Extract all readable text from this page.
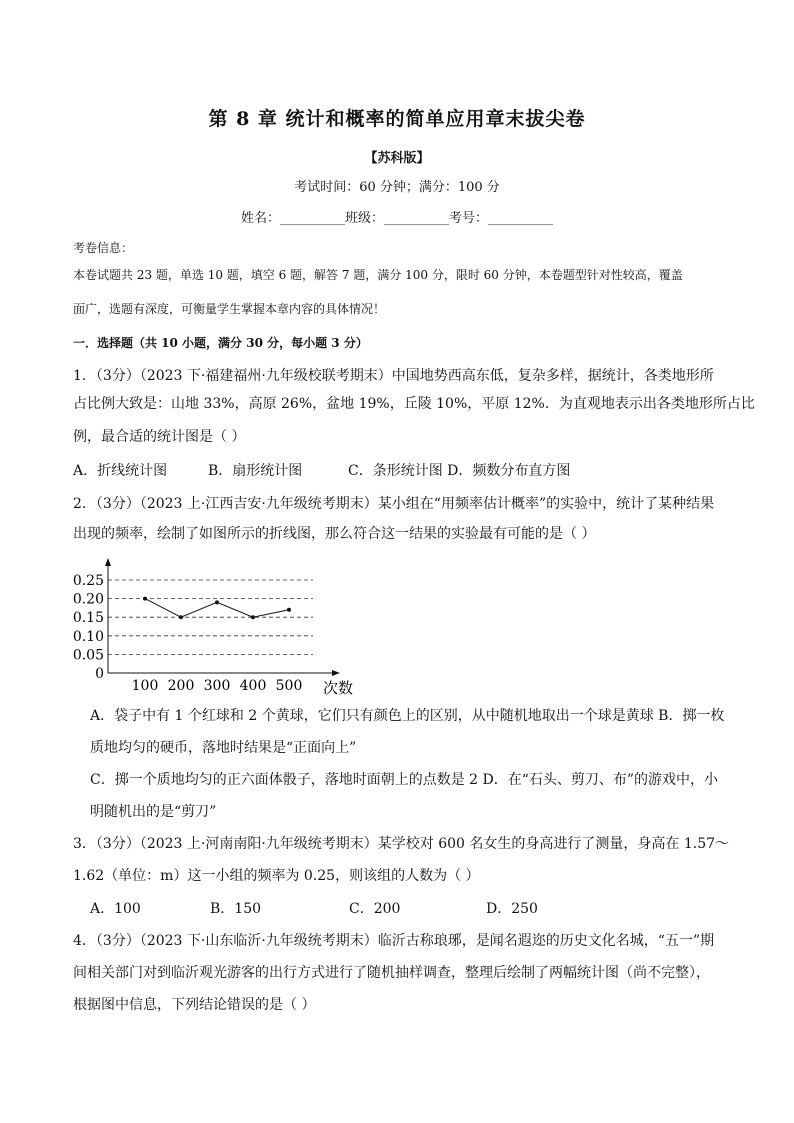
第 8 章 统计和概率的简单应用章末拔尖卷
【苏科版】
考试时间：60 分钟；满分：100 分
姓名：__________班级：__________考号：__________
考卷信息：
本卷试题共 23 题，单选 10 题，填空 6 题，解答 7 题，满分 100 分，限时 60 分钟，本卷题型针对性较高，覆盖
面广，选题有深度，可衡量学生掌握本章内容的具体情况！
一．选择题（共 10 小题，满分 30 分，每小题 3 分）
1．（3分）（2023 下·福建福州·九年级校联考期末）中国地势西高东低，复杂多样，据统计，各类地形所
占比例大致是：山地 33%，高原 26%，盆地 19%，丘陵 10%，平原 12%．为直观地表示出各类地形所占比
例，最合适的统计图是（ ）
A．折线统计图	B．扇形统计图	C．条形统计图 D．频数分布直方图
2．（3分）（2023 上·江西吉安·九年级统考期末）某小组在“用频率估计概率”的实验中，统计了某种结果
出现的频率，绘制了如图所示的折线图，那么符合这一结果的实验最有可能的是（ ）
0
0.05
0.10
0.15
0.20
0.25
100 200 300 400 500 次数
A．袋子中有 1 个红球和 2 个黄球，它们只有颜色上的区别，从中随机地取出一个球是黄球 B．掷一枚
质地均匀的硬币，落地时结果是“正面向上”
C．掷一个质地均匀的正六面体骰子，落地时面朝上的点数是 2 D．在“石头、剪刀、布”的游戏中，小
明随机出的是“剪刀”
3．（3分）（2023 上·河南南阳·九年级统考期末）某学校对 600 名女生的身高进行了测量，身高在 1.57～
1.62（单位：m）这一小组的频率为 0.25，则该组的人数为（ ）
A．100	B．150	C．200	D．250
4．（3分）（2023 下·山东临沂·九年级统考期末）临沂古称琅琊，是闻名遐迩的历史文化名城，“五一”期
间相关部门对到临沂观光游客的出行方式进行了随机抽样调查，整理后绘制了两幅统计图（尚不完整），
根据图中信息，下列结论错误的是（ ）
